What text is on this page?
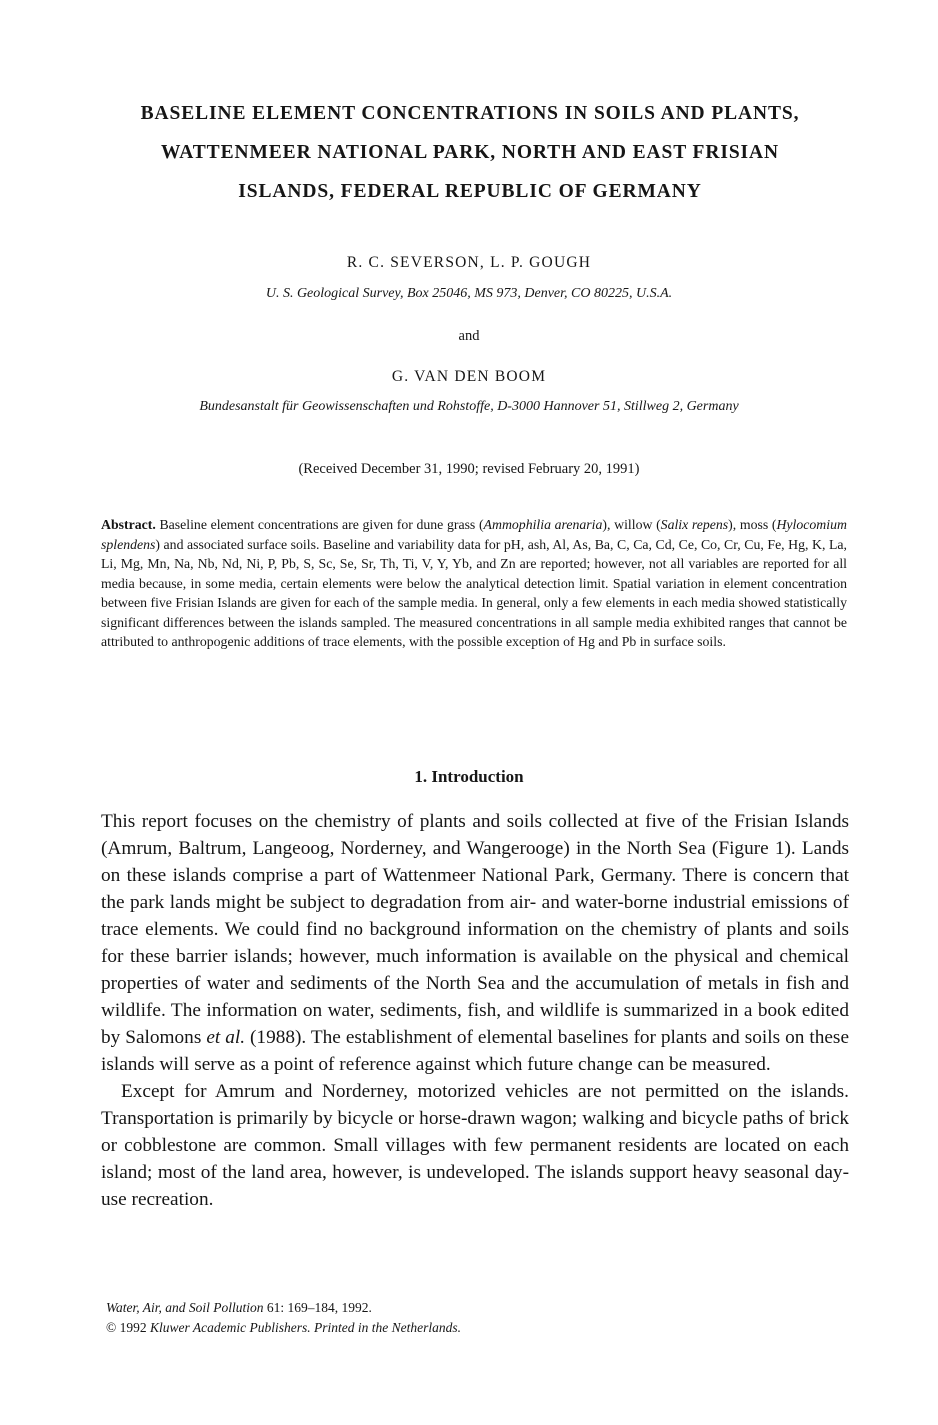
BASELINE ELEMENT CONCENTRATIONS IN SOILS AND PLANTS,
WATTENMEER NATIONAL PARK, NORTH AND EAST FRISIAN
ISLANDS, FEDERAL REPUBLIC OF GERMANY
R. C. SEVERSON, L. P. GOUGH
U. S. Geological Survey, Box 25046, MS 973, Denver, CO 80225, U.S.A.
and
G. VAN DEN BOOM
Bundesanstalt für Geowissenschaften und Rohstoffe, D-3000 Hannover 51, Stillweg 2, Germany
(Received December 31, 1990; revised February 20, 1991)

Abstract. Baseline element concentrations are given for dune grass (Ammophilia arenaria), willow (Salix repens), moss (Hylocomium splendens) and associated surface soils. Baseline and variability data for pH, ash, Al, As, Ba, C, Ca, Cd, Ce, Co, Cr, Cu, Fe, Hg, K, La, Li, Mg, Mn, Na, Nb, Nd, Ni, P, Pb, S, Sc, Se, Sr, Th, Ti, V, Y, Yb, and Zn are reported; however, not all variables are reported for all media because, in some media, certain elements were below the analytical detection limit. Spatial variation in element concentration between five Frisian Islands are given for each of the sample media. In general, only a few elements in each media showed statistically significant differences between the islands sampled. The measured concentrations in all sample media exhibited ranges that cannot be attributed to anthropogenic additions of trace elements, with the possible exception of Hg and Pb in surface soils.

1. Introduction

This report focuses on the chemistry of plants and soils collected at five of the Frisian Islands (Amrum, Baltrum, Langeoog, Norderney, and Wangerooge) in the North Sea (Figure 1). Lands on these islands comprise a part of Wattenmeer National Park, Germany. There is concern that the park lands might be subject to degradation from air- and water-borne industrial emissions of trace elements. We could find no background information on the chemistry of plants and soils for these barrier islands; however, much information is available on the physical and chemical properties of water and sediments of the North Sea and the accumulation of metals in fish and wildlife. The information on water, sediments, fish, and wildlife is summarized in a book edited by Salomons et al. (1988). The establishment of elemental baselines for plants and soils on these islands will serve as a point of reference against which future change can be measured.

Except for Amrum and Norderney, motorized vehicles are not permitted on the islands. Transportation is primarily by bicycle or horse-drawn wagon; walking and bicycle paths of brick or cobblestone are common. Small villages with few permanent residents are located on each island; most of the land area, however, is undeveloped. The islands support heavy seasonal day-use recreation.

Water, Air, and Soil Pollution 61: 169–184, 1992.
© 1992 Kluwer Academic Publishers. Printed in the Netherlands.
